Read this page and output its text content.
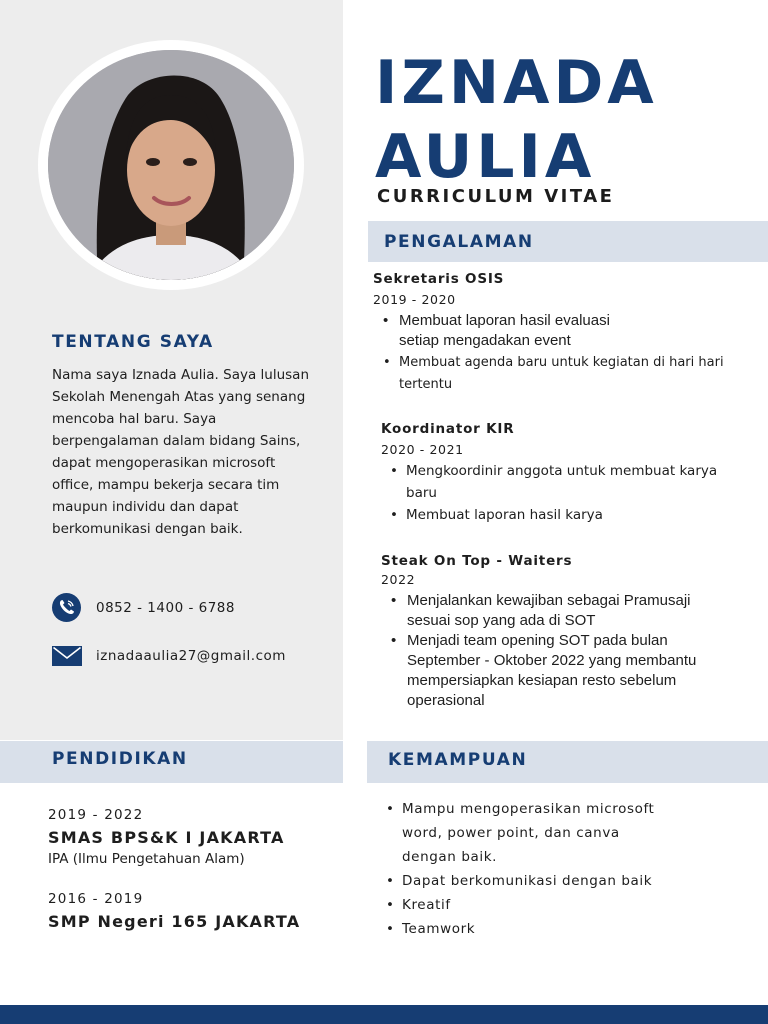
TENTANG SAYA
Nama saya Iznada Aulia. Saya lulusan
Sekolah Menengah Atas yang senang
mencoba hal baru. Saya
berpengalaman dalam bidang Sains,
dapat mengoperasikan microsoft
office, mampu bekerja secara tim
maupun individu dan dapat
berkomunikasi dengan baik.
0852 - 1400 - 6788
iznadaaulia27@gmail.com
IZNADA
AULIA
CURRICULUM VITAE
PENGALAMAN
Sekretaris OSIS
2019 - 2020
• Membuat laporan hasil evaluasi
setiap mengadakan event
• Membuat agenda baru untuk kegiatan di hari hari
tertentu
Koordinator KIR
2020 - 2021
• Mengkoordinir anggota untuk membuat karya
baru
• Membuat laporan hasil karya
Steak On Top - Waiters
2022
• Menjalankan kewajiban sebagai Pramusaji
sesuai sop yang ada di SOT
• Menjadi team opening SOT pada bulan
September - Oktober 2022 yang membantu
mempersiapkan kesiapan resto sebelum
operasional
PENDIDIKAN
2019 - 2022
SMAS BPS&K I JAKARTA
IPA (Ilmu Pengetahuan Alam)
2016 - 2019
SMP Negeri 165 JAKARTA
KEMAMPUAN
• Mampu mengoperasikan microsoft
word, power point, dan canva
dengan baik.
• Dapat berkomunikasi dengan baik
• Kreatif
• Teamwork
